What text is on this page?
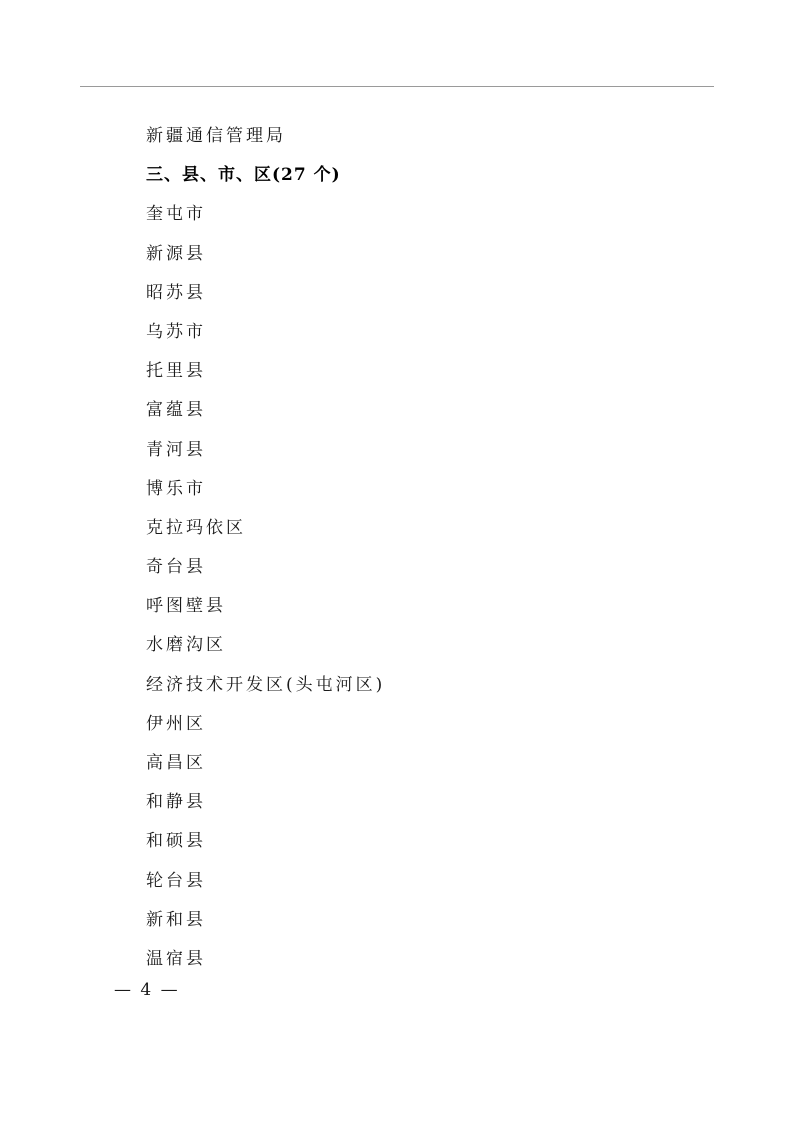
新疆通信管理局
三、县、市、区(27 个)
奎屯市
新源县
昭苏县
乌苏市
托里县
富蕴县
青河县
博乐市
克拉玛依区
奇台县
呼图壁县
水磨沟区
经济技术开发区(头屯河区)
伊州区
高昌区
和静县
和硕县
轮台县
新和县
温宿县
— 4 —
